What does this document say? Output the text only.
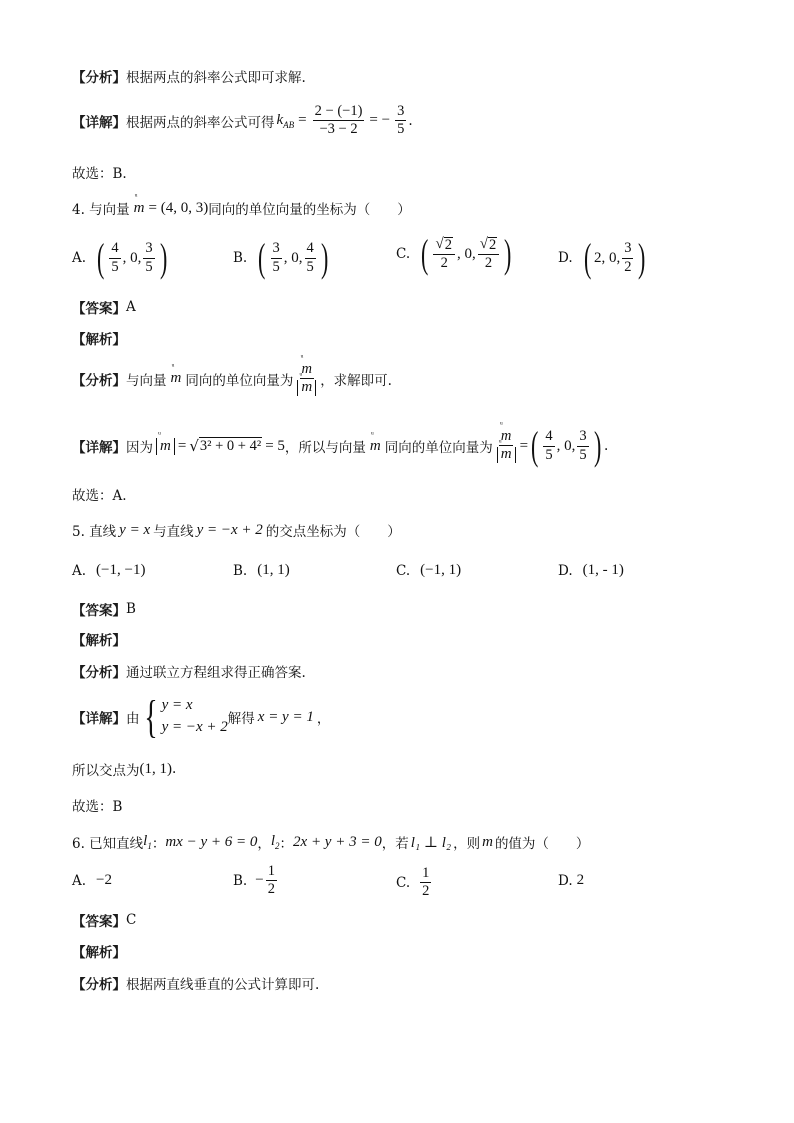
【分析】 根据两点的斜率公式即可求解.
【详解】 根据两点的斜率公式可得 $k_{AB} = \frac{2 - (-1)}{-3 - 2}$ = − $\frac{3}{5}$ .
故选：B.
4. 与向量
ᵘ
m = (4, 0, 3) 同向的单位向量的坐标为（　　）
A. ( $\frac{4}{5}$ , 0, $\frac{3}{5}$ )	B. ( $\frac{3}{5}$ , 0, $\frac{4}{5}$ )	C. ( $\frac{√ 2}{2}$ , 0, $\frac{√ 2}{2}$ )	D. ( 2, 0, $\frac{3}{2}$ )
【答案】 A
【解析】
【分析】 与向量
ᵘ
m 同向的单位向量为 ᵘ
m
ᵘ
m ，求解即可.
【详解】 因为
ᵘ
m = √ 3² + 0 + 4² = 5 ，所以与向量
ᵘ
m 同向的单位向量为 ᵘ
m
ᵘ
m = ( $\frac{4}{5}$ , 0, $\frac{3}{5}$ ) .
故选：A.
5. 直线 y = x 与直线 y = −x + 2 的交点坐标为（　　）
A. (−1, −1)	B. (1, 1)	C. (−1, 1)	D. (1, - 1)
【答案】 B
【解析】
【分析】 通过联立方程组求得正确答案.
【详解】 由 { y = x
y = −x + 2 解得 x = y = 1 ，
所以交点为 (1, 1) .
故选：B
6. 已知直线 $l_1$ ： mx − y + 6 = 0 ， $l_2$ ： 2x + y + 3 = 0 ，若 l₁ ⊥ l₂ ，则 m 的值为（　　）
A. −2	B. − $\frac{1}{2}$	C. $\frac{1}{2}$	D. 2
【答案】 C
【解析】
【分析】 根据两直线垂直的公式计算即可.
